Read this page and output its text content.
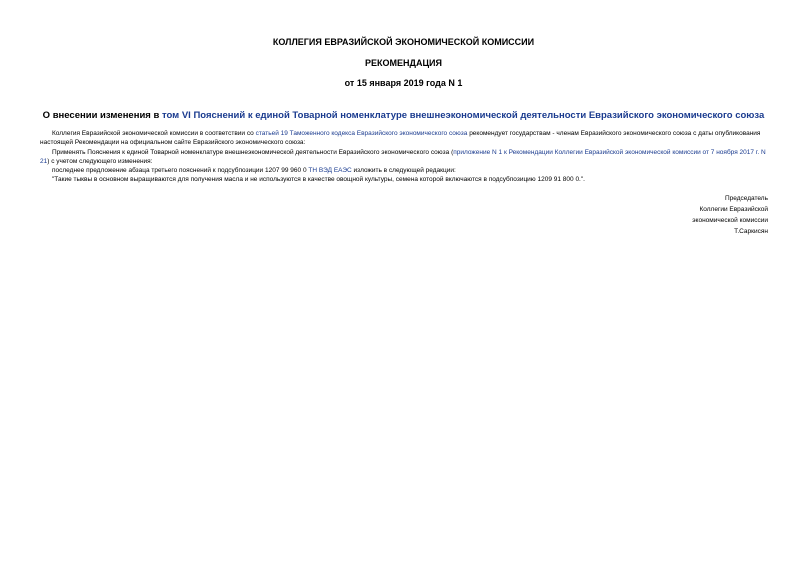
КОЛЛЕГИЯ ЕВРАЗИЙСКОЙ ЭКОНОМИЧЕСКОЙ КОМИССИИ
РЕКОМЕНДАЦИЯ
от 15 января 2019 года N 1
О внесении изменения в том VI Пояснений к единой Товарной номенклатуре внешнеэкономической деятельности Евразийского экономического союза

Коллегия Евразийской экономической комиссии в соответствии со статьей 19 Таможенного кодекса Евразийского экономического союза рекомендует государствам - членам Евразийского экономического союза с даты опубликования настоящей Рекомендации на официальном сайте Евразийского экономического союза:

Применять Пояснения к единой Товарной номенклатуре внешнеэкономической деятельности Евразийского экономического союза (приложение N 1 к Рекомендации Коллегии Евразийской экономической комиссии от 7 ноября 2017 г. N 21) с учетом следующего изменения:

последнее предложение абзаца третьего пояснений к подсубпозиции 1207 99 960 0 ТН ВЭД ЕАЭС изложить в следующей редакции:

"Такие тыквы в основном выращиваются для получения масла и не используются в качестве овощной культуры, семена которой включаются в подсубпозицию 1209 91 800 0.".

Председатель
Коллегии Евразийской
экономической комиссии
Т.Саркисян
